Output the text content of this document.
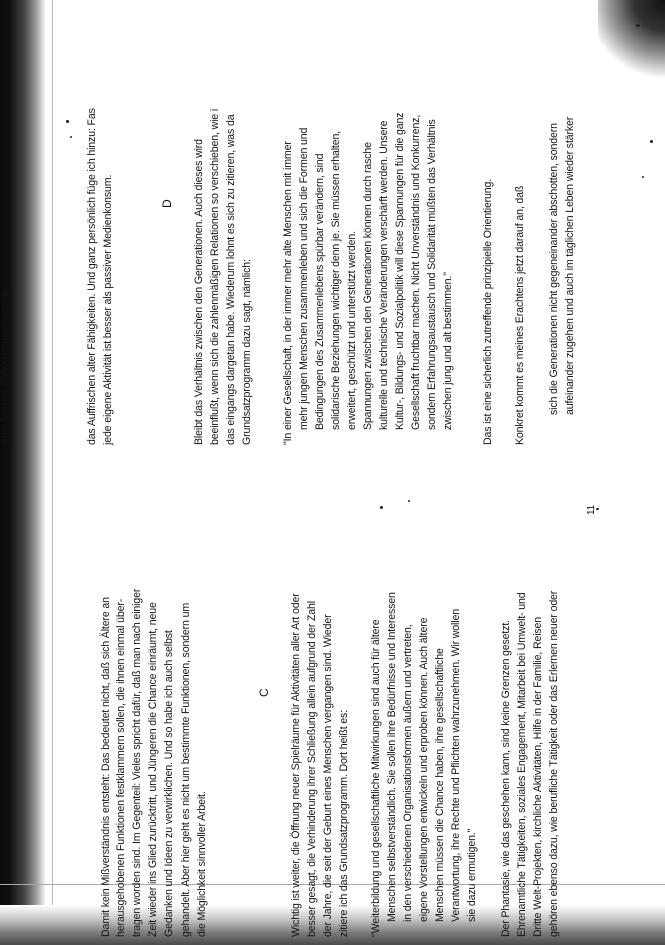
11
Damit kein Mißverständnis entsteht: Das bedeutet nicht, daß sich Ältere an herausgehobenen Funktionen festklammern sollen, die ihnen einmal über- tragen worden sind. Im Gegenteil: Vieles spricht dafür, daß man nach einiger Zeit wieder ins Glied zurücktritt, und Jüngeren die Chance einräumt, neue Gedanken und Ideen zu verwirklichen. Und so habe ich auch selbst gehandelt. Aber hier geht es nicht um bestimmte Funktionen, sondern um die Möglichkeit sinnvoller Arbeit.
C Wichtig ist weiter, die Öffnung neuer Spielräume für Aktivitäten aller Art oder besser gesagt, die Verhinderung ihrer Schließung allein aufgrund der Zahl der Jahre, die seit der Geburt eines Menschen vergangen sind. Wieder zitiere ich das Grundsatzprogramm. Dort heißt es: "Weiterbildung und gesellschaftliche Mitwirkungen sind auch für ältere Menschen selbstverständlich. Sie sollen ihre Bedürfnisse und Interessen in den verschiedenen Organisationsformen äußern und vertreten, eigene Vorstellungen entwickeln und erproben können. Auch ältere Menschen müssen die Chance haben, ihre gesellschaftliche Verantwortung, ihre Rechte und Pflichten wahrzunehmen. Wir wollen sie dazu ermutigen." Der Phantasie, wie das geschehen kann, sind keine Grenzen gesetzt. Ehrenamtliche Tätigkeiten, soziales Engagement, Mitarbeit bei Umwelt- und Dritte Welt-Projekten, kirchliche Aktivitäten, Hilfe in der Familie, Reisen gehören ebenso dazu, wie berufliche Tätigkeit oder das Erlernen neuer oder
des Jahres 1989 unternommen.	das Auffrischen alter Fähigkeiten. Und ganz persönlich füge ich hinzu: Fas jede eigene Aktivität ist besser als passiver Medienkonsum.	D Bleibt das Verhältnis zwischen den Generationen. Auch dieses wird beeinflußt, wenn sich die zahlenmäßigen Relationen so verschieben, wie i das eingangs dargetan habe. Wiederum lohnt es sich zu zitieren, was da Grundsatzprogramm dazu sagt, nämlich:	"In einer Gesellschaft, in der immer mehr alte Menschen mit immer mehr jungen Menschen zusammenleben und sich die Formen und Bedingungen des Zusammenlebens spürbar verändern, sind solidarische Beziehungen wichtiger denn je. Sie müssen erhalten, erweitert, geschützt und unterstützt werden. Spannungen zwischen den Generationen können durch rasche kulturelle und technische Veränderungen verschärft werden. Unsere Kultur-, Bildungs- und Sozialpolitik will diese Spannungen für die ganz Gesellschaft fruchtbar machen. Nicht Unverständnis und Konkurrenz, sondern Erfahrungsaustausch und Solidarität müßten das Verhältnis zwischen jung und alt bestimmen."	Das ist eine sicherlich zutreffende prinzipielle Orientierung. Konkret kommt es meines Erachtens jetzt darauf an, daß sich die Generationen nicht gegeneinander abschotten, sondern aufeinander zugehen und auch im täglichen Leben wieder stärker
